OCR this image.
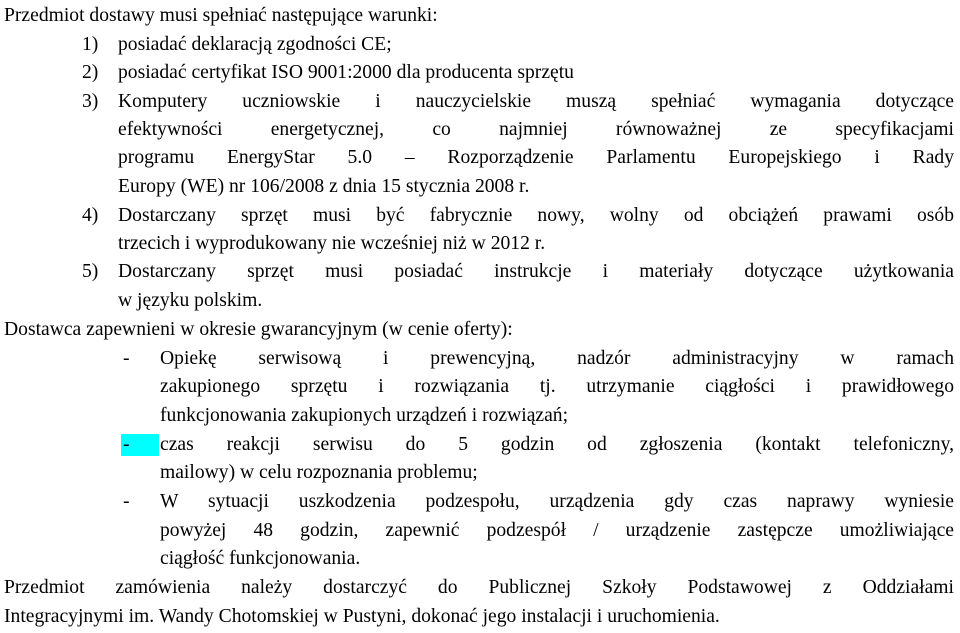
Przedmiot dostawy musi spełniać następujące warunki:
1) posiadać deklaracją zgodności CE;
2) posiadać certyfikat ISO 9001:2000 dla producenta sprzętu
3) Komputery uczniowskie i nauczycielskie muszą spełniać wymagania dotyczące
efektywności energetycznej, co najmniej równoważnej ze specyfikacjami
programu EnergyStar 5.0 – Rozporządzenie Parlamentu Europejskiego i Rady
Europy (WE) nr 106/2008 z dnia 15 stycznia 2008 r.
4) Dostarczany sprzęt musi być fabrycznie nowy, wolny od obciążeń prawami osób
trzecich i wyprodukowany nie wcześniej niż w 2012 r.
5) Dostarczany sprzęt musi posiadać instrukcje i materiały dotyczące użytkowania
w języku polskim.
Dostawca zapewnieni w okresie gwarancyjnym (w cenie oferty):
-	Opiekę serwisową i prewencyjną, nadzór administracyjny w ramach
zakupionego sprzętu i rozwiązania tj. utrzymanie ciągłości i prawidłowego
funkcjonowania zakupionych urządzeń i rozwiązań;
-	czas reakcji serwisu do 5 godzin od zgłoszenia (kontakt telefoniczny,
mailowy) w celu rozpoznania problemu;
-	W sytuacji uszkodzenia podzespołu, urządzenia gdy czas naprawy wyniesie
powyżej 48 godzin, zapewnić podzespół / urządzenie zastępcze umożliwiające
ciągłość funkcjonowania.
Przedmiot zamówienia należy dostarczyć do Publicznej Szkoły Podstawowej z Oddziałami
Integracyjnymi im. Wandy Chotomskiej w Pustyni, dokonać jego instalacji i uruchomienia.
